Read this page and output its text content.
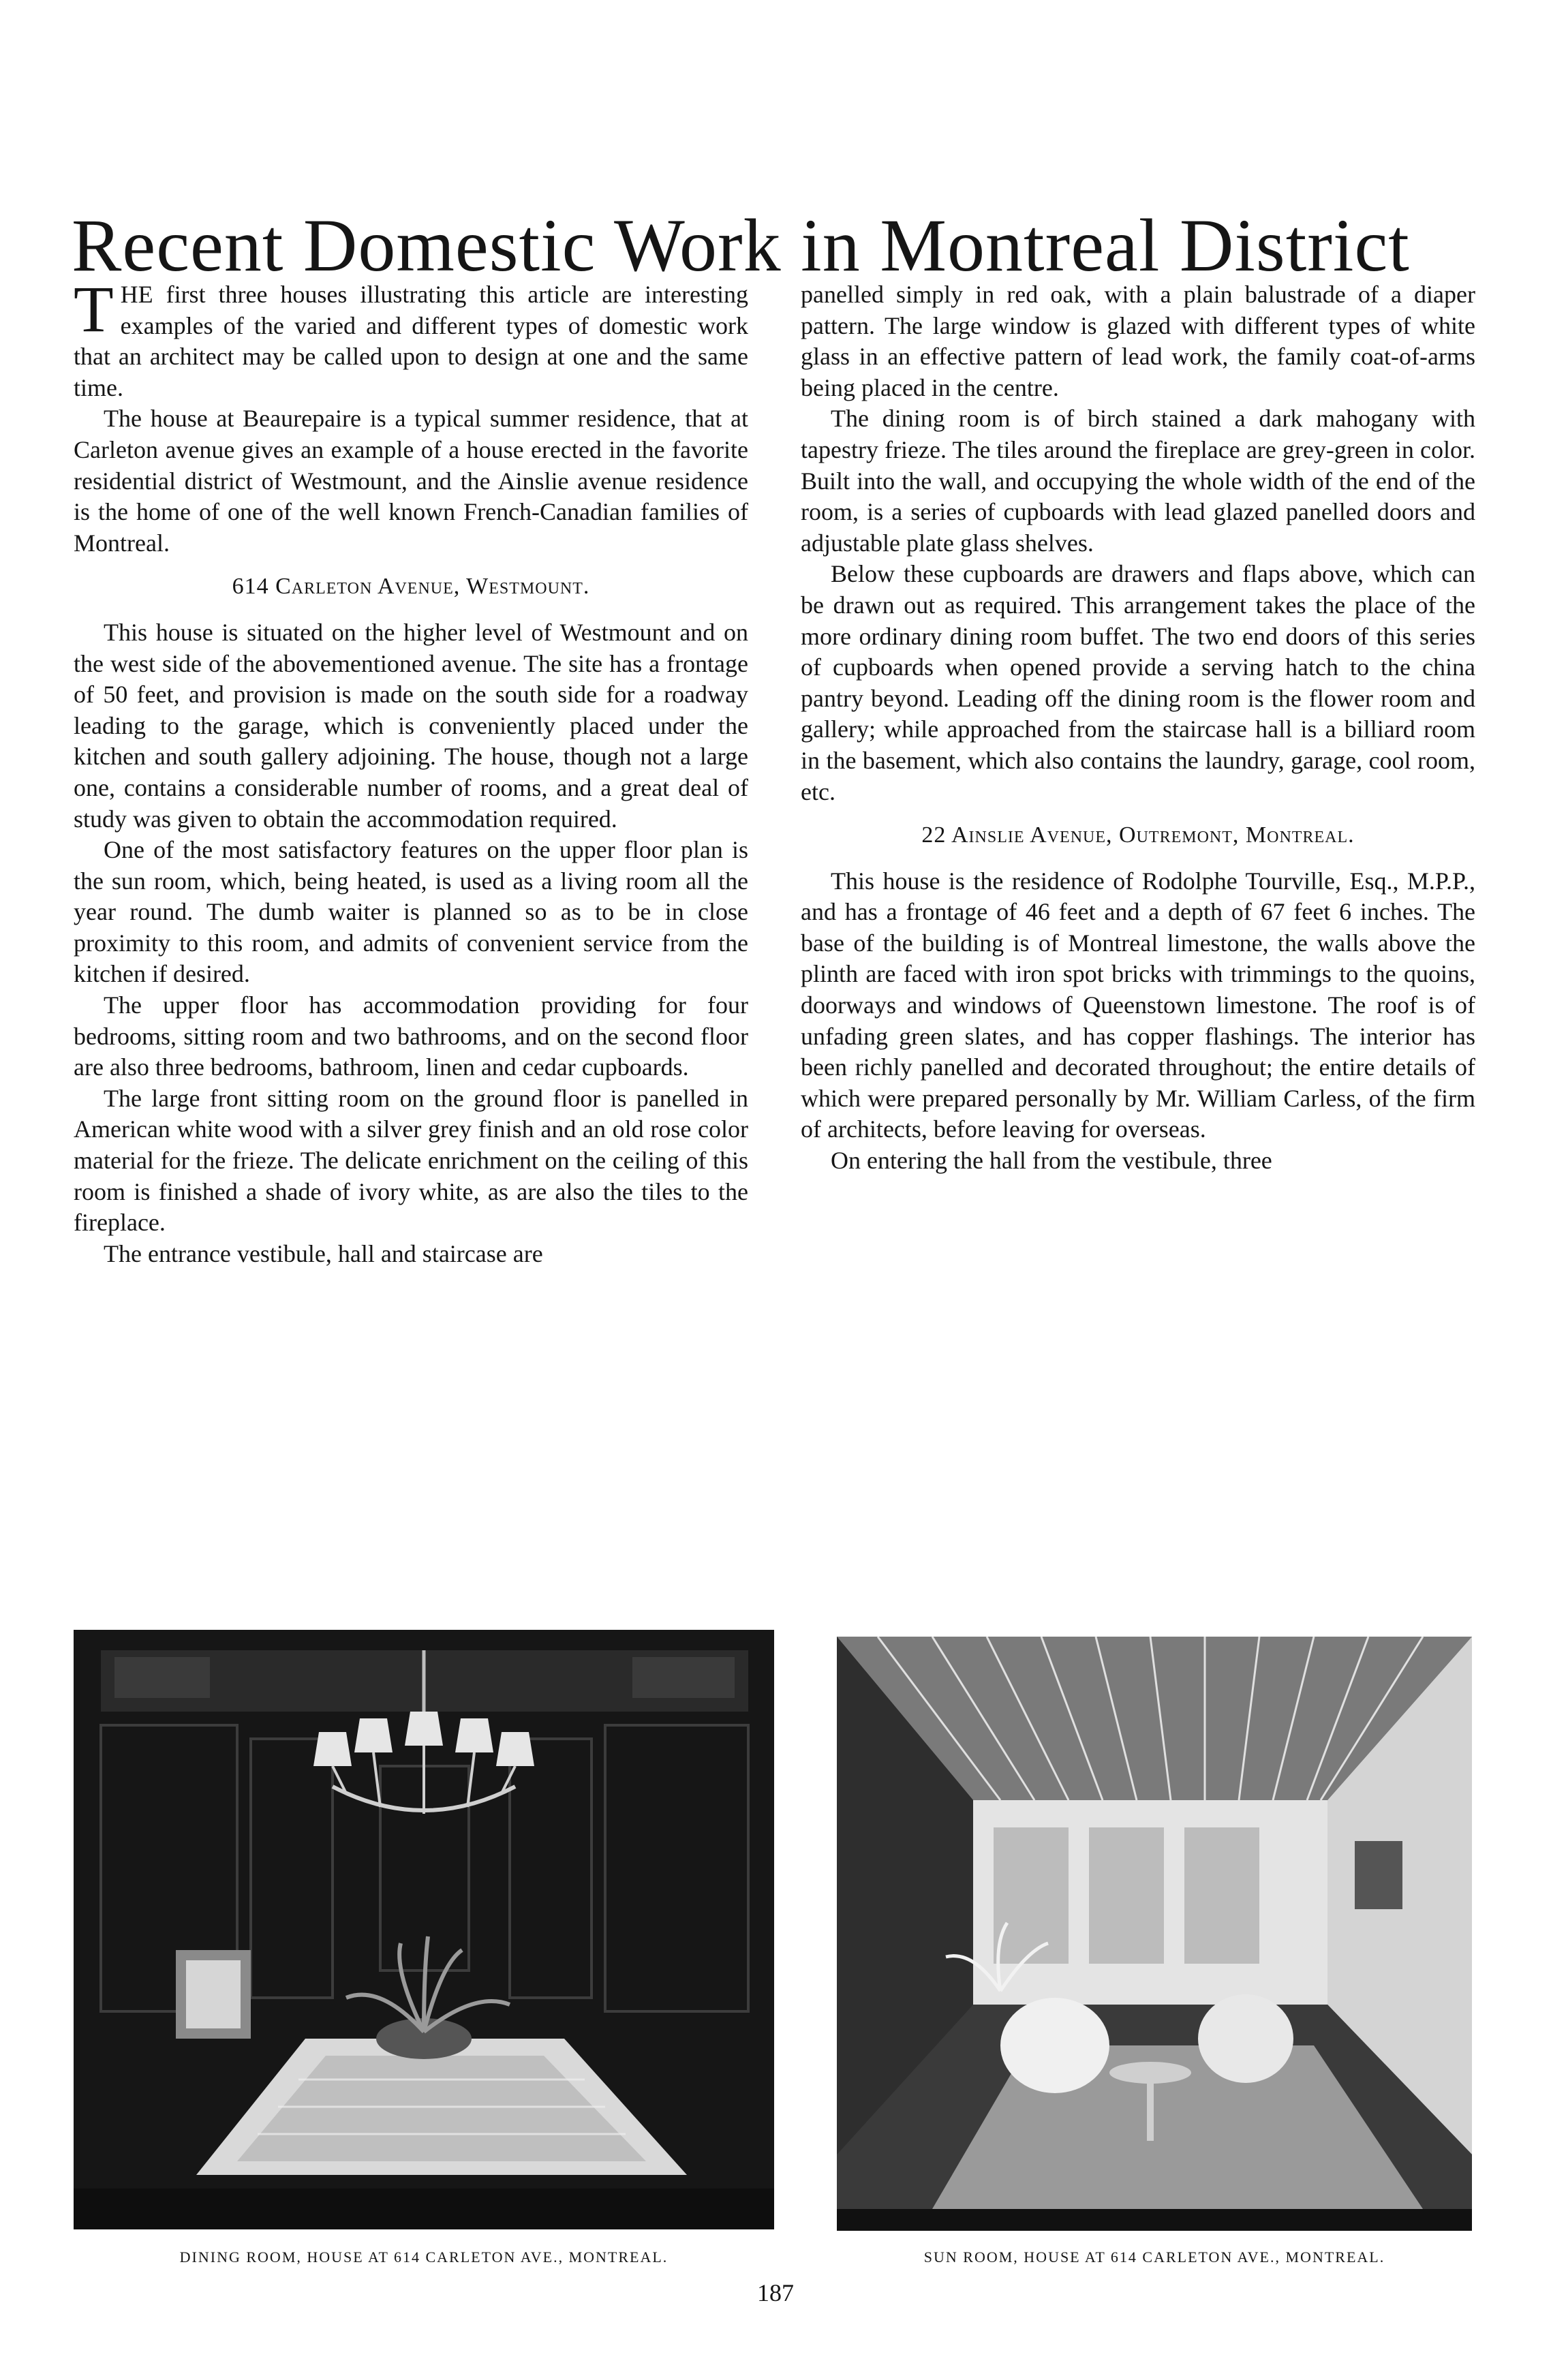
Recent Domestic Work in Montreal District

THE first three houses illustrating this article are interesting examples of the varied and different types of domestic work that an architect may be called upon to design at one and the same time.

The house at Beaurepaire is a typical summer residence, that at Carleton avenue gives an example of a house erected in the favorite residential district of Westmount, and the Ainslie avenue residence is the home of one of the well known French-Canadian families of Montreal.

614 Carleton Avenue, Westmount.

This house is situated on the higher level of Westmount and on the west side of the abovementioned avenue. The site has a frontage of 50 feet, and provision is made on the south side for a roadway leading to the garage, which is conveniently placed under the kitchen and south gallery adjoining. The house, though not a large one, contains a considerable number of rooms, and a great deal of study was given to obtain the accommodation required.

One of the most satisfactory features on the upper floor plan is the sun room, which, being heated, is used as a living room all the year round. The dumb waiter is planned so as to be in close proximity to this room, and admits of convenient service from the kitchen if desired.

The upper floor has accommodation providing for four bedrooms, sitting room and two bathrooms, and on the second floor are also three bedrooms, bathroom, linen and cedar cupboards.

The large front sitting room on the ground floor is panelled in American white wood with a silver grey finish and an old rose color material for the frieze. The delicate enrichment on the ceiling of this room is finished a shade of ivory white, as are also the tiles to the fireplace.

The entrance vestibule, hall and staircase are

panelled simply in red oak, with a plain balustrade of a diaper pattern. The large window is glazed with different types of white glass in an effective pattern of lead work, the family coat-of-arms being placed in the centre.

The dining room is of birch stained a dark mahogany with tapestry frieze. The tiles around the fireplace are grey-green in color. Built into the wall, and occupying the whole width of the end of the room, is a series of cupboards with lead glazed panelled doors and adjustable plate glass shelves.

Below these cupboards are drawers and flaps above, which can be drawn out as required. This arrangement takes the place of the more ordinary dining room buffet. The two end doors of this series of cupboards when opened provide a serving hatch to the china pantry beyond. Leading off the dining room is the flower room and gallery; while approached from the staircase hall is a billiard room in the basement, which also contains the laundry, garage, cool room, etc.

22 Ainslie Avenue, Outremont, Montreal.

This house is the residence of Rodolphe Tourville, Esq., M.P.P., and has a frontage of 46 feet and a depth of 67 feet 6 inches. The base of the building is of Montreal limestone, the walls above the plinth are faced with iron spot bricks with trimmings to the quoins, doorways and windows of Queenstown limestone. The roof is of unfading green slates, and has copper flashings. The interior has been richly panelled and decorated throughout; the entire details of which were prepared personally by Mr. William Carless, of the firm of architects, before leaving for overseas.

On entering the hall from the vestibule, three

DINING ROOM, HOUSE AT 614 CARLETON AVE., MONTREAL.	SUN ROOM, HOUSE AT 614 CARLETON AVE., MONTREAL.
187
